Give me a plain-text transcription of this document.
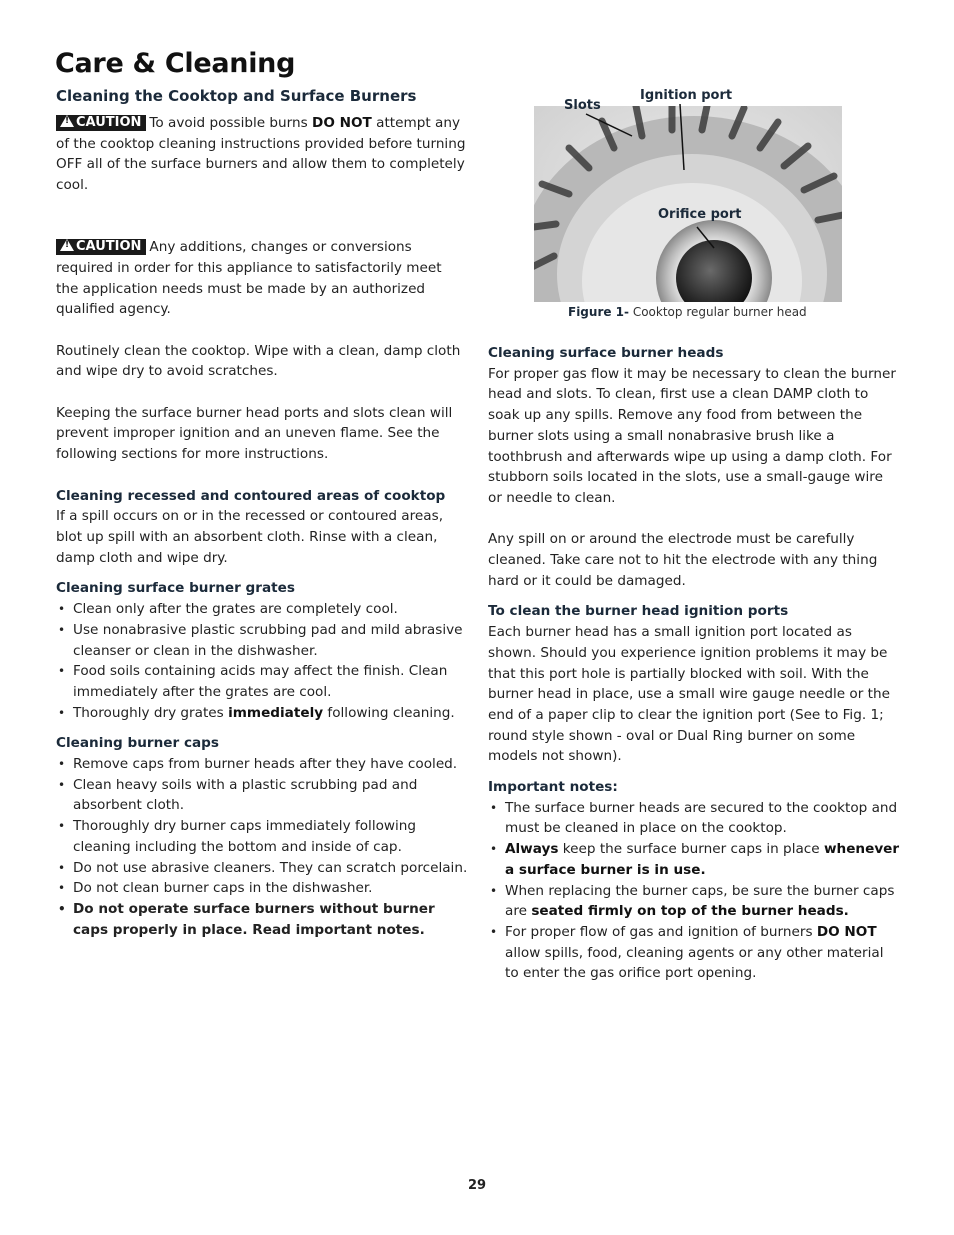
Care & Cleaning
Cleaning the Cooktop and Surface Burners

!CAUTION To avoid possible burns DO NOT attempt any of the cooktop cleaning instructions provided before turning OFF all of the surface burners and allow them to completely cool.

!CAUTION Any additions, changes or conversions required in order for this appliance to satisfactorily meet the application needs must be made by an authorized qualified agency.

Routinely clean the cooktop. Wipe with a clean, damp cloth and wipe dry to avoid scratches.

Keeping the surface burner head ports and slots clean will prevent improper ignition and an uneven flame. See the following sections for more instructions.

Cleaning recessed and contoured areas of cooktop

If a spill occurs on or in the recessed or contoured areas, blot up spill with an absorbent cloth. Rinse with a clean, damp cloth and wipe dry.

Cleaning surface burner grates
• Clean only after the grates are completely cool.
• Use nonabrasive plastic scrubbing pad and mild abrasive cleanser or clean in the dishwasher.
• Food soils containing acids may affect the finish. Clean immediately after the grates are cool.
• Thoroughly dry grates immediately following cleaning.
Cleaning burner caps
• Remove caps from burner heads after they have cooled.
• Clean heavy soils with a plastic scrubbing pad and absorbent cloth.
• Thoroughly dry burner caps immediately following cleaning including the bottom and inside of cap.
• Do not use abrasive cleaners. They can scratch porcelain.
• Do not clean burner caps in the dishwasher.
• Do not operate surface burners without burner caps properly in place. Read important notes.
Slots
Ignition port
Orifice port
Figure 1- Cooktop regular burner head
Cleaning surface burner heads

For proper gas flow it may be necessary to clean the burner head and slots. To clean, first use a clean DAMP cloth to soak up any spills. Remove any food from between the burner slots using a small nonabrasive brush like a toothbrush and afterwards wipe up using a damp cloth. For stubborn soils located in the slots, use a small-gauge wire or needle to clean.

Any spill on or around the electrode must be carefully cleaned. Take care not to hit the electrode with any thing hard or it could be damaged.

To clean the burner head ignition ports

Each burner head has a small ignition port located as shown. Should you experience ignition problems it may be that this port hole is partially blocked with soil. With the burner head in place, use a small wire gauge needle or the end of a paper clip to clear the ignition port (See to Fig. 1; round style shown - oval or Dual Ring burner on some models not shown).

Important notes:
• The surface burner heads are secured to the cooktop and must be cleaned in place on the cooktop.
• Always keep the surface burner caps in place whenever a surface burner is in use.
• When replacing the burner caps, be sure the burner caps are seated firmly on top of the burner heads.
• For proper flow of gas and ignition of burners DO NOT allow spills, food, cleaning agents or any other material to enter the gas orifice port opening.
29
